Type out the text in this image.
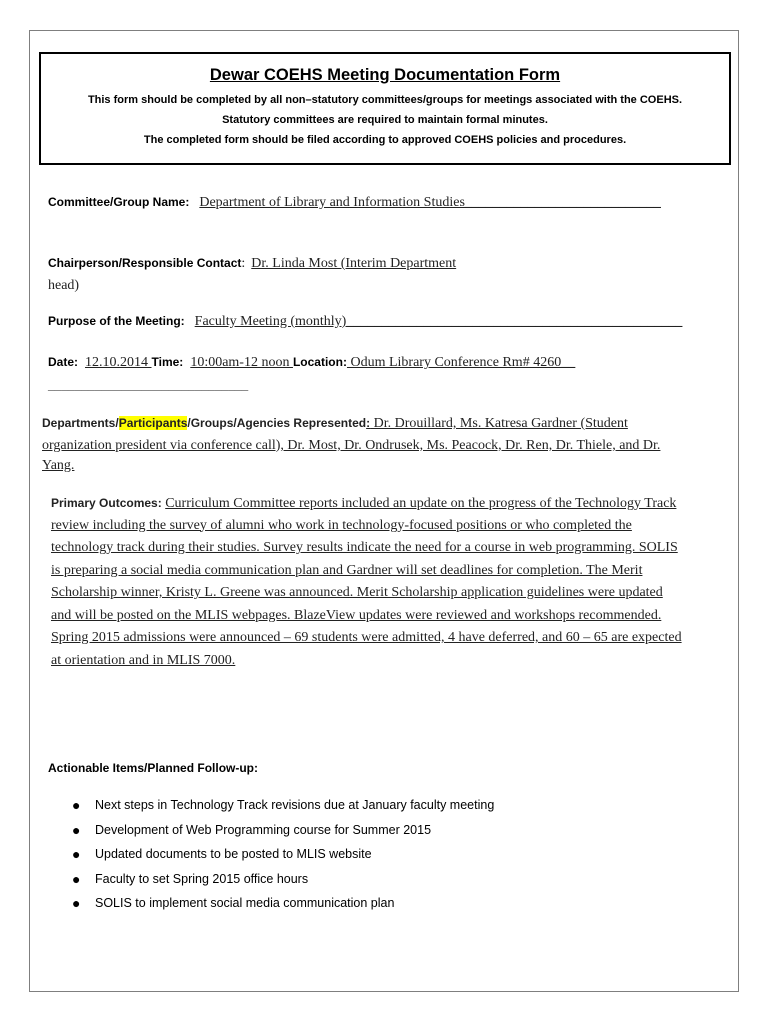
Dewar COEHS Meeting Documentation Form
This form should be completed by all non–statutory committees/groups for meetings associated with the COEHS.
Statutory committees are required to maintain formal minutes.
The completed form should be filed according to approved COEHS policies and procedures.
Committee/Group Name: Department of Library and Information Studies____________________________
Chairperson/Responsible Contact: Dr. Linda Most (Interim Department
head)
Purpose of the Meeting: Faculty Meeting (monthly)________________________________________________
Date: 12.10.2014 Time: 10:00am-12 noon Location: Odum Library Conference Rm# 4260__
______________________________
Departments/Participants/Groups/Agencies Represented: Dr. Drouillard, Ms. Katresa Gardner (Student
organization president via conference call), Dr. Most, Dr. Ondrusek, Ms. Peacock, Dr. Ren, Dr. Thiele, and Dr.
Yang.
Primary Outcomes: Curriculum Committee reports included an update on the progress of the Technology Track
review including the survey of alumni who work in technology-focused positions or who completed the
technology track during their studies. Survey results indicate the need for a course in web programming. SOLIS
is preparing a social media communication plan and Gardner will set deadlines for completion. The Merit
Scholarship winner, Kristy L. Greene was announced. Merit Scholarship application guidelines were updated
and will be posted on the MLIS webpages. BlazeView updates were reviewed and workshops recommended.
Spring 2015 admissions were announced – 69 students were admitted, 4 have deferred, and 60 – 65 are expected
at orientation and in MLIS 7000.
Actionable Items/Planned Follow-up:
● Next steps in Technology Track revisions due at January faculty meeting
● Development of Web Programming course for Summer 2015
● Updated documents to be posted to MLIS website
● Faculty to set Spring 2015 office hours
● SOLIS to implement social media communication plan
